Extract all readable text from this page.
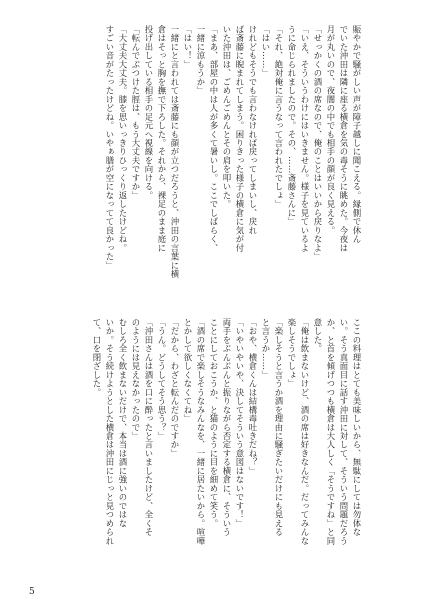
賑やかで騒がしい声が障子越しに聞こえる。縁側で休ん
でいた沖田は隣に座る横倉を気の毒そうに眺めた。今夜は
月が丸いので、夜闇の中でも相手の顔が良く見える。
「せっかくの酒の席なので、俺のことはいいから戻りなよ」
「いえ、そういうわけにはいきません。様子を見ているよ
うに命じられましたので。その、……斎藤さんに」
「それ、絶対俺に言うなって言われたでしょ」
「はい……」
けれどもそうでも言わなければ戻ってしまいし、戻れ
ば斎藤に睨まれてしまう。困りきった様子の横倉に気が付
いた沖田は、ごめんごめんとその肩を叩いた。
「まあ、部屋の中は人が多くて暑いし。ここでしばらく、
一緒に涼もうか」
「はい！」
一緒にと言われては斎藤にも顔が立つだろうと、沖田の言葉に横
倉はそっと胸を撫で下ろした。それから、裸足のまま庭に
投げ出している相手の足元へ視線を向ける。
「転んでぶつけた脛は、もう大丈夫ですか」
「大丈夫大丈夫。膝を思いっきりひっくり返したけどね。
すごい音がたったけどね。いやぁ膳が空になってて良かった」
ここの料理はとても美味しいから、無駄にしては勿体な
い。そう真面目に話す沖田に対して、そういう問題だろう
か、と首を傾げつつも横倉は大人しく「そうですね」と同
意した。
「俺は飲まないけど、酒の席は好きなんだ。だってみんな
楽しそうでしょ」
「楽しそうと言うか酒を理由に騒ぎたいだけにも見える
と言うか……」
「おや、横倉くんは結構毒吐きだね？」
「いやいやいや、決してそういう意図はないです！」
両手をぶんぶんと振りながら否定する横倉に、そういう
ことにしておこうか、と猫のように目を細めて笑う。
「酒の席で楽しそうなみんなを、一緒に居たいから。喧嘩
とかして欲しくなくてね」
「だから、わざと転んだのですか」
「うん。どうしてそう思う？」
「沖田さんは酒を口に酔ったと言いましたけど、全くそ
のようには見えなかったので」
むしろ全く飲まないだけで、本当は酒に強いのではな
いか。そう続けようとした横倉は沖田にじっと見つめられ
て、口を閉ざした。
5
